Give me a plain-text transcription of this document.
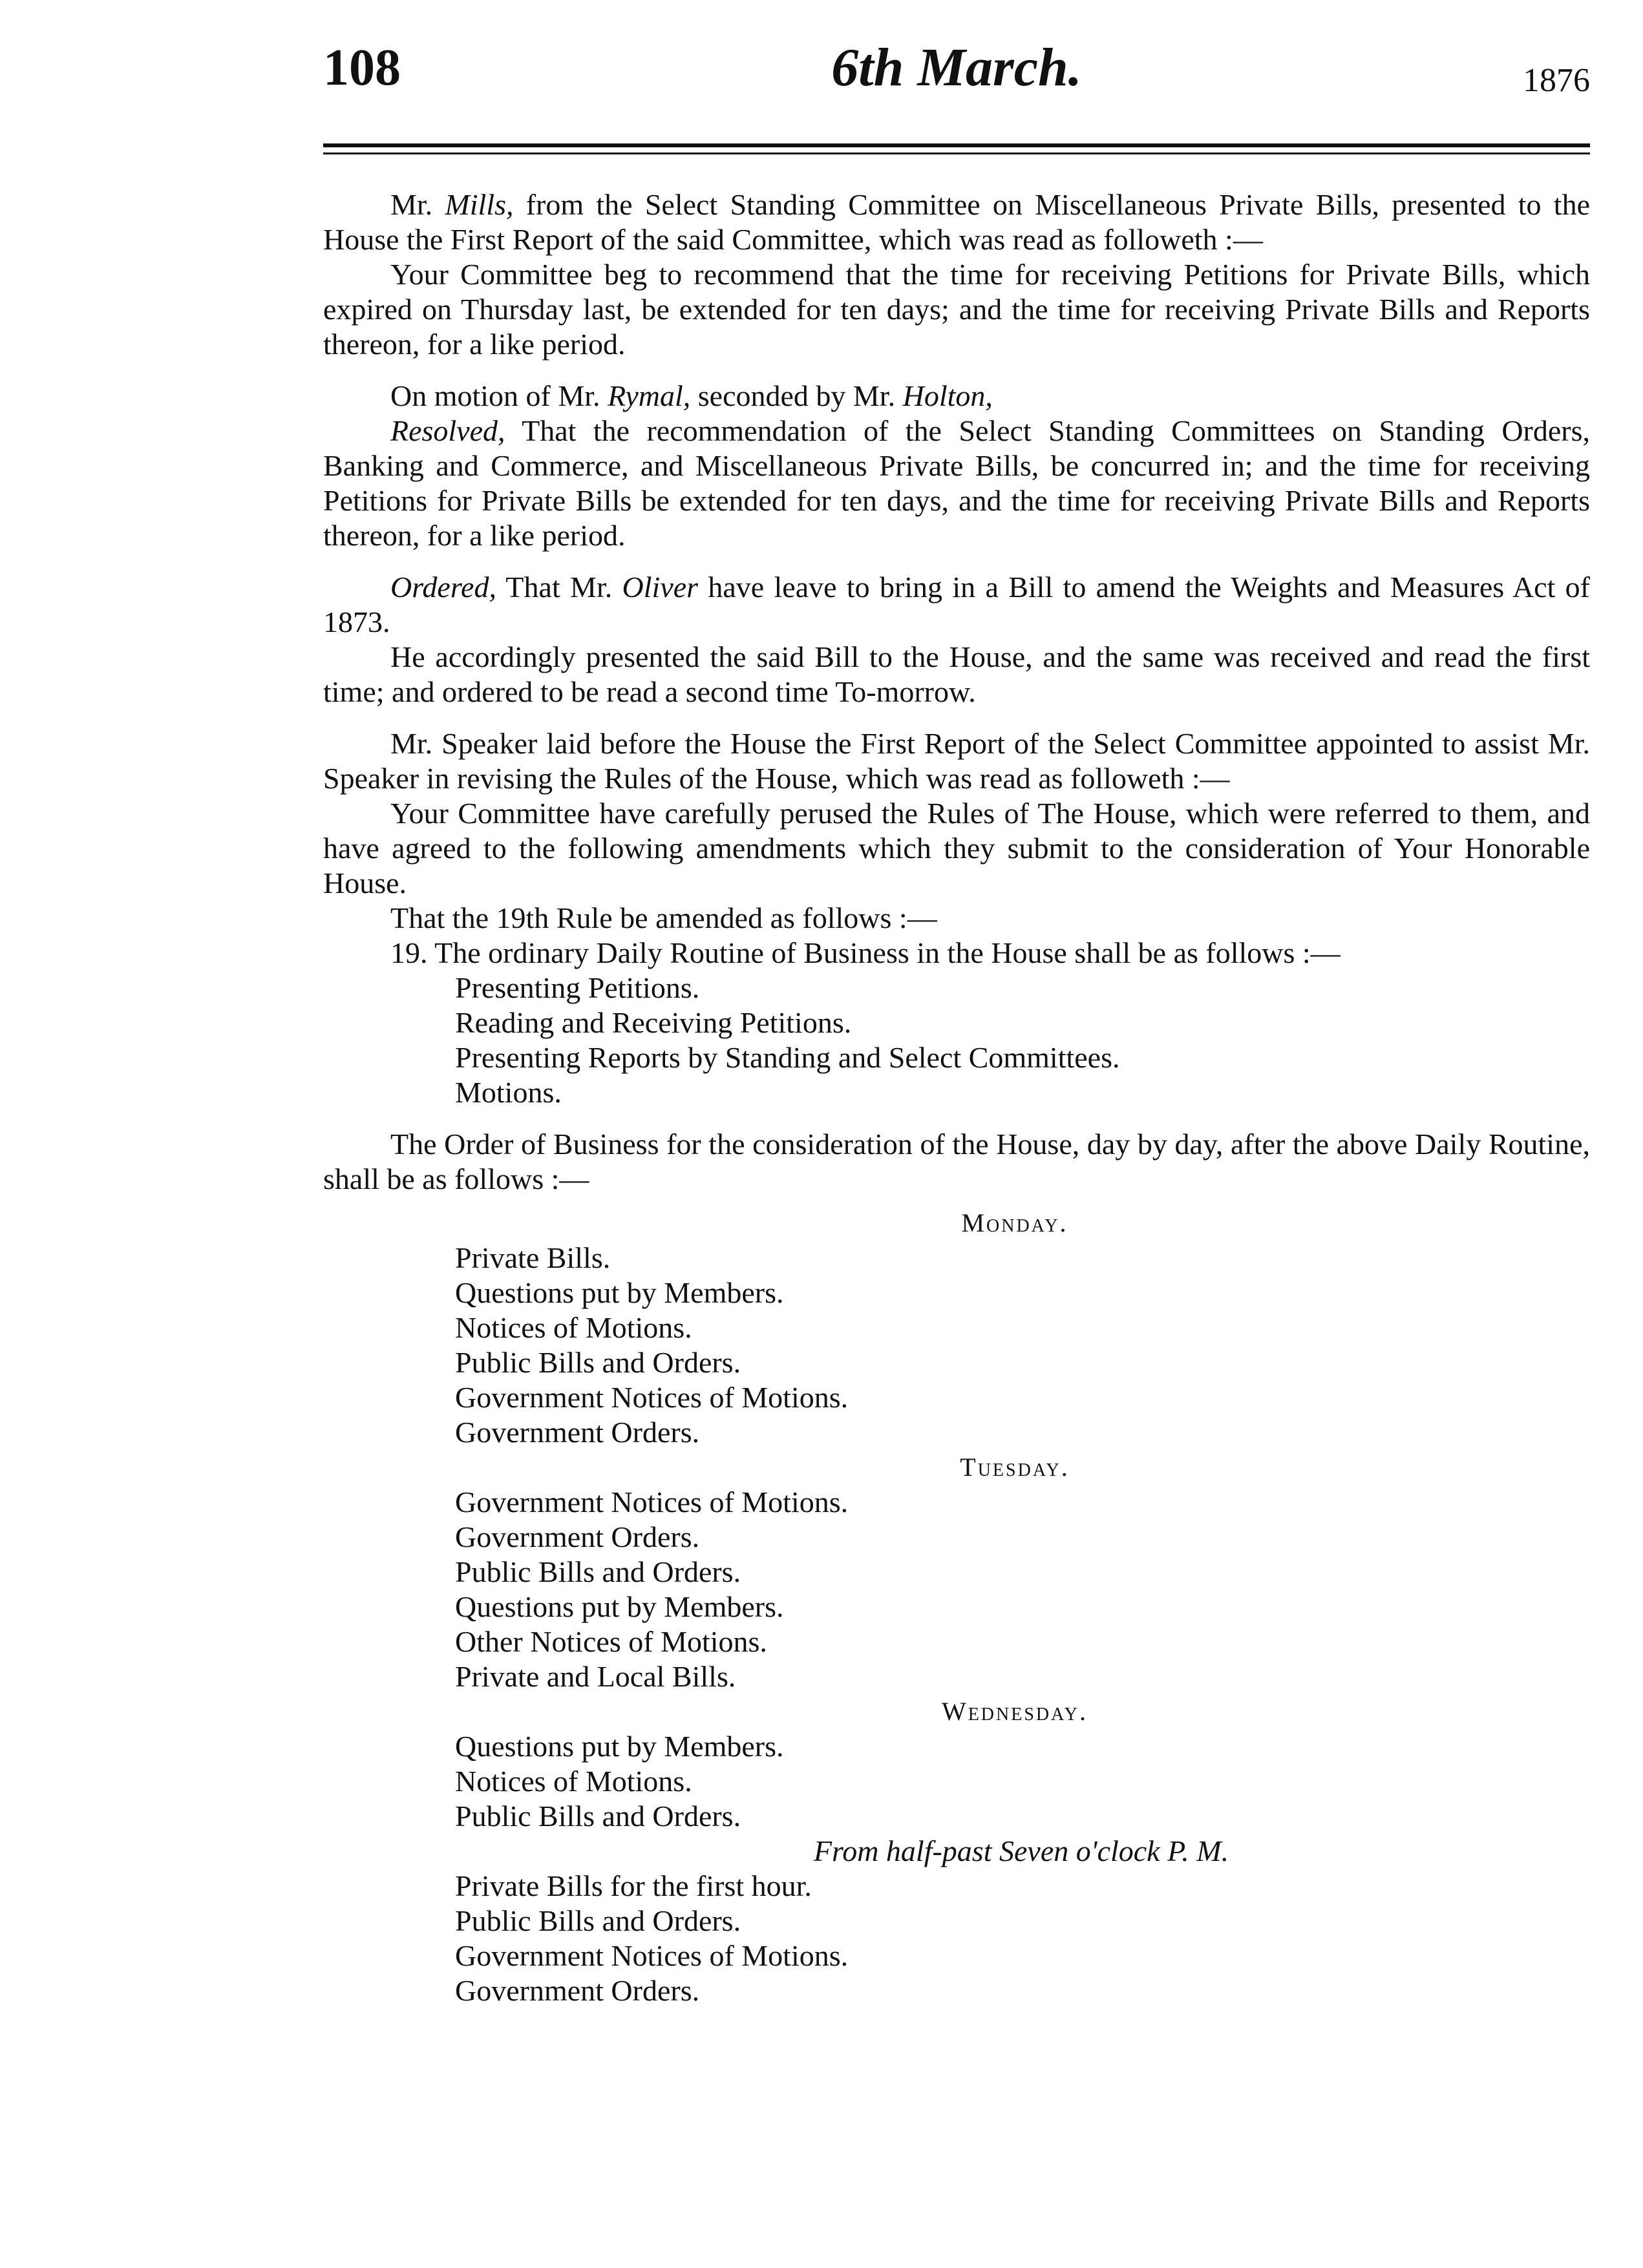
108	6th March.	1876

Mr. Mills, from the Select Standing Committee on Miscellaneous Private Bills, presented to the House the First Report of the said Committee, which was read as followeth :—

Your Committee beg to recommend that the time for receiving Petitions for Private Bills, which expired on Thursday last, be extended for ten days; and the time for receiving Private Bills and Reports thereon, for a like period.

On motion of Mr. Rymal, seconded by Mr. Holton,

Resolved, That the recommendation of the Select Standing Committees on Standing Orders, Banking and Commerce, and Miscellaneous Private Bills, be concurred in; and the time for receiving Petitions for Private Bills be extended for ten days, and the time for receiving Private Bills and Reports thereon, for a like period.

Ordered, That Mr. Oliver have leave to bring in a Bill to amend the Weights and Measures Act of 1873.

He accordingly presented the said Bill to the House, and the same was received and read the first time; and ordered to be read a second time To-morrow.

Mr. Speaker laid before the House the First Report of the Select Committee appointed to assist Mr. Speaker in revising the Rules of the House, which was read as followeth :—

Your Committee have carefully perused the Rules of The House, which were referred to them, and have agreed to the following amendments which they submit to the consideration of Your Honorable House.

That the 19th Rule be amended as follows :—

19. The ordinary Daily Routine of Business in the House shall be as follows :—

Presenting Petitions.

Reading and Receiving Petitions.

Presenting Reports by Standing and Select Committees.

Motions.

The Order of Business for the consideration of the House, day by day, after the above Daily Routine, shall be as follows :—

Monday.

Private Bills.

Questions put by Members.

Notices of Motions.

Public Bills and Orders.

Government Notices of Motions.

Government Orders.

Tuesday.

Government Notices of Motions.

Government Orders.

Public Bills and Orders.

Questions put by Members.

Other Notices of Motions.

Private and Local Bills.

Wednesday.

Questions put by Members.

Notices of Motions.

Public Bills and Orders.

From half-past Seven o'clock P. M.

Private Bills for the first hour.

Public Bills and Orders.

Government Notices of Motions.

Government Orders.
